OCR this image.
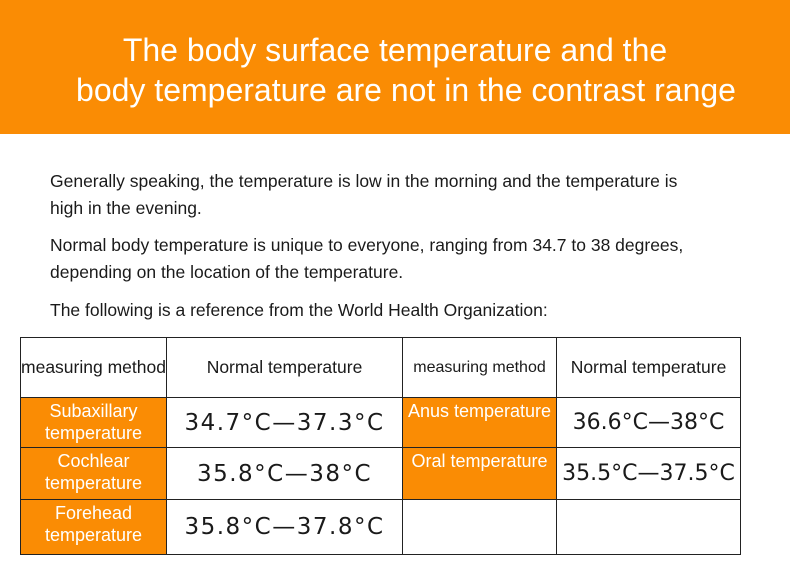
The body surface temperature and the
body temperature are not in the contrast range
Generally speaking, the temperature is low in the morning and the temperature is high in the evening.
Normal body temperature is unique to everyone, ranging from 34.7 to 38 degrees, depending on the location of the temperature.
The following is a reference from the World Health Organization:
measuring method	Normal temperature	measuring method	Normal temperature
Subaxillary temperature	34.7°C—37.3°C	Anus temperature	36.6°C—38°C
Cochlear temperature	35.8°C—38°C	Oral temperature	35.5°C—37.5°C
Forehead temperature	35.8°C—37.8°C		
